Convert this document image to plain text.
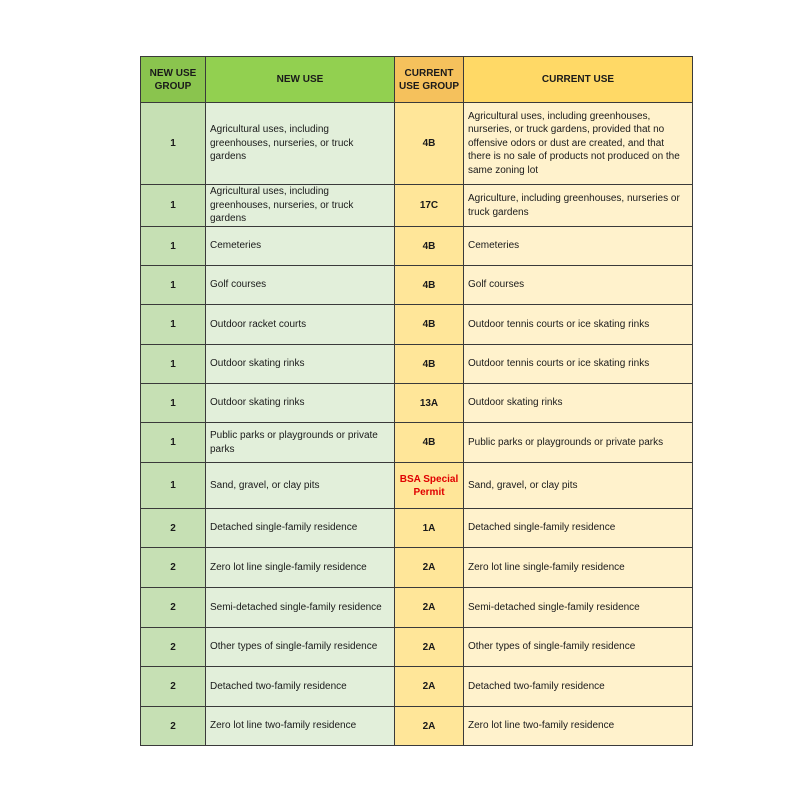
NEW USE GROUP	NEW USE	CURRENT USE GROUP	CURRENT USE
1	Agricultural uses, including greenhouses, nurseries, or truck gardens	4B	Agricultural uses, including greenhouses, nurseries, or truck gardens, provided that no offensive odors or dust are created, and that there is no sale of products not produced on the same zoning lot
1	Agricultural uses, including greenhouses, nurseries, or truck gardens	17C	Agriculture, including greenhouses, nurseries or truck gardens
1	Cemeteries	4B	Cemeteries
1	Golf courses	4B	Golf courses
1	Outdoor racket courts	4B	Outdoor tennis courts or ice skating rinks
1	Outdoor skating rinks	4B	Outdoor tennis courts or ice skating rinks
1	Outdoor skating rinks	13A	Outdoor skating rinks
1	Public parks or playgrounds or private parks	4B	Public parks or playgrounds or private parks
1	Sand, gravel, or clay pits	BSA Special Permit	Sand, gravel, or clay pits
2	Detached single-family residence	1A	Detached single-family residence
2	Zero lot line single-family residence	2A	Zero lot line single-family residence
2	Semi-detached single-family residence	2A	Semi-detached single-family residence
2	Other types of single-family residence	2A	Other types of single-family residence
2	Detached two-family residence	2A	Detached two-family residence
2	Zero lot line two-family residence	2A	Zero lot line two-family residence
